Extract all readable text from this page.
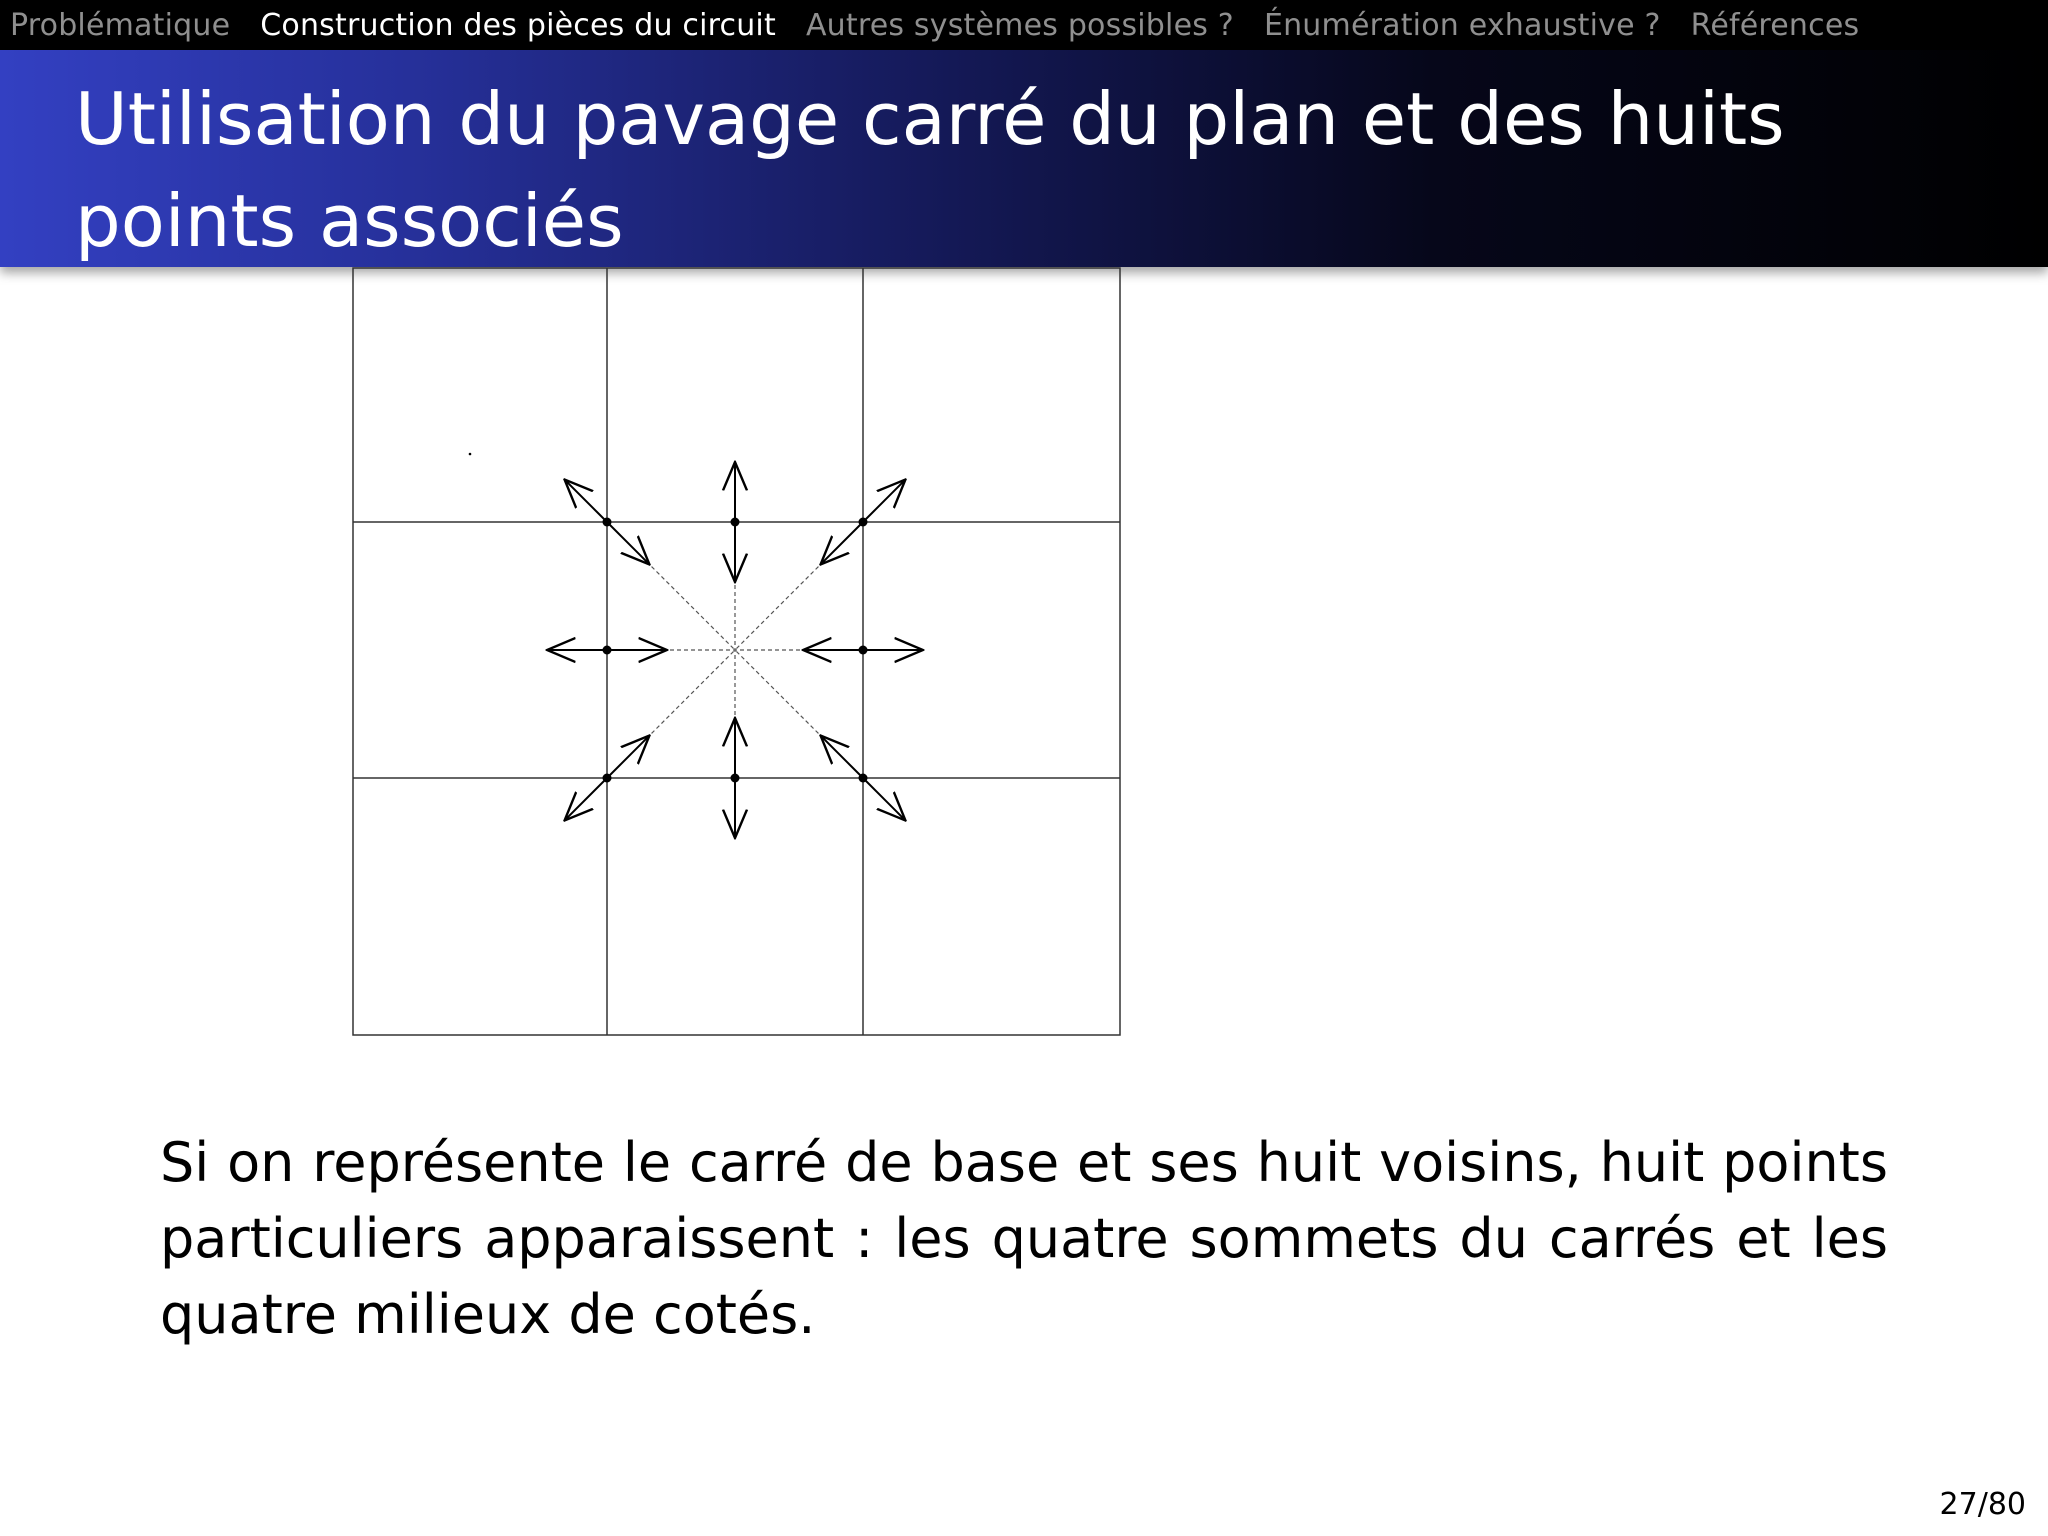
Problématique Construction des pièces du circuit Autres systèmes possibles ? Énumération exhaustive ? Références
Utilisation du pavage carré du plan et des huits points associés

Si on représente le carré de base et ses huit voisins, huit points particuliers apparaissent : les quatre sommets du carrés et les quatre milieux de cotés.

27/80
